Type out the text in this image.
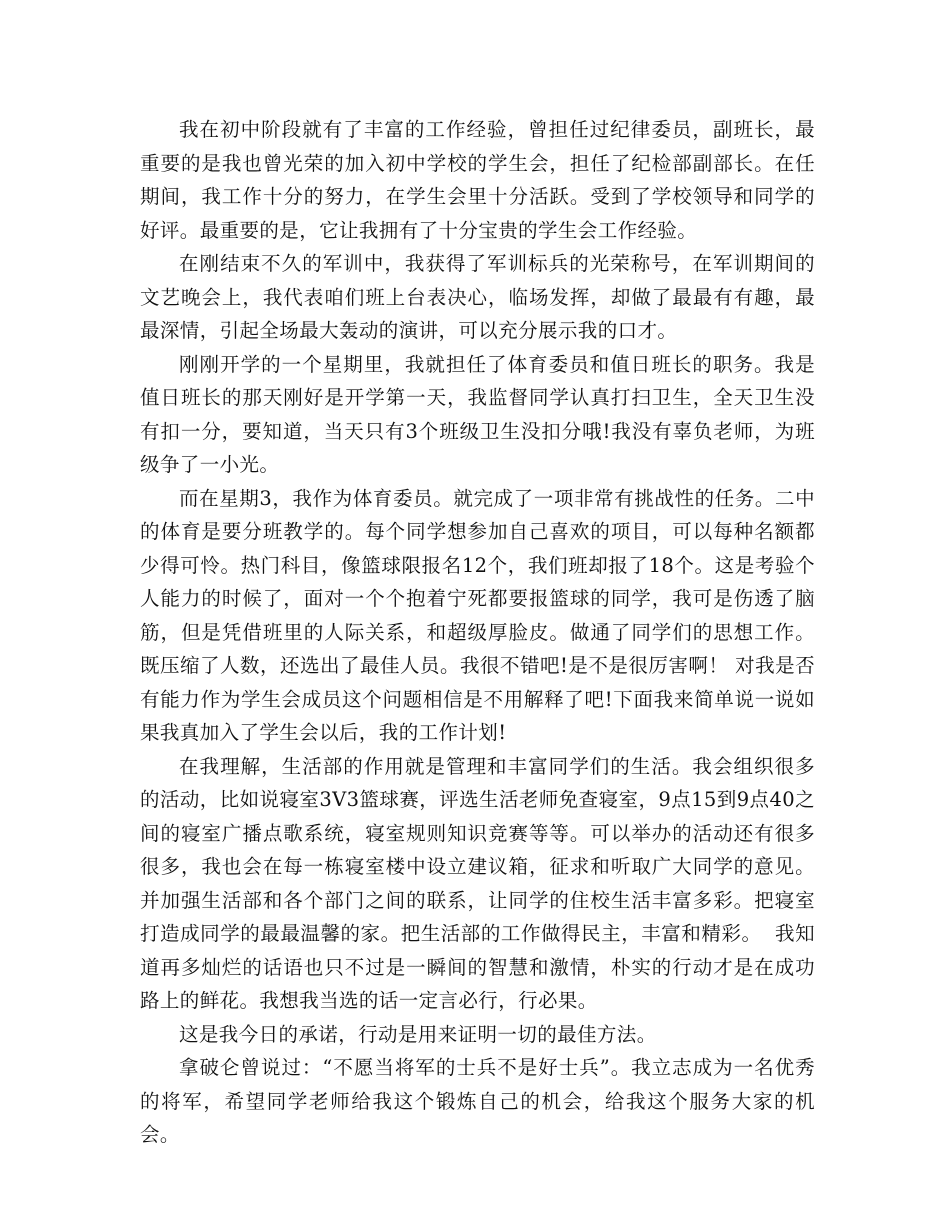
我在初中阶段就有了丰富的工作经验，曾担任过纪律委员，副班长，最重要的是我也曾光荣的加入初中学校的学生会，担任了纪检部副部长。在任期间，我工作十分的努力，在学生会里十分活跃。受到了学校领导和同学的好评。最重要的是，它让我拥有了十分宝贵的学生会工作经验。

在刚结束不久的军训中，我获得了军训标兵的光荣称号，在军训期间的文艺晚会上，我代表咱们班上台表决心，临场发挥，却做了最最有有趣，最最深情，引起全场最大轰动的演讲，可以充分展示我的口才。

刚刚开学的一个星期里，我就担任了体育委员和值日班长的职务。我是值日班长的那天刚好是开学第一天，我监督同学认真打扫卫生，全天卫生没有扣一分，要知道，当天只有3个班级卫生没扣分哦!我没有辜负老师，为班级争了一小光。

而在星期3，我作为体育委员。就完成了一项非常有挑战性的任务。二中的体育是要分班教学的。每个同学想参加自己喜欢的项目，可以每种名额都少得可怜。热门科目，像篮球限报名12个，我们班却报了18个。这是考验个人能力的时候了，面对一个个抱着宁死都要报篮球的同学，我可是伤透了脑筋，但是凭借班里的人际关系，和超级厚脸皮。做通了同学们的思想工作。既压缩了人数，还选出了最佳人员。我很不错吧!是不是很厉害啊！ 对我是否有能力作为学生会成员这个问题相信是不用解释了吧!下面我来简单说一说如果我真加入了学生会以后，我的工作计划!

在我理解，生活部的作用就是管理和丰富同学们的生活。我会组织很多的活动，比如说寝室3V3篮球赛，评选生活老师免查寝室，9点15到9点40之间的寝室广播点歌系统，寝室规则知识竞赛等等。可以举办的活动还有很多很多，我也会在每一栋寝室楼中设立建议箱，征求和听取广大同学的意见。并加强生活部和各个部门之间的联系，让同学的住校生活丰富多彩。把寝室打造成同学的最最温馨的家。把生活部的工作做得民主，丰富和精彩。  我知道再多灿烂的话语也只不过是一瞬间的智慧和激情，朴实的行动才是在成功路上的鲜花。我想我当选的话一定言必行，行必果。

这是我今日的承诺，行动是用来证明一切的最佳方法。

拿破仑曾说过：“不愿当将军的士兵不是好士兵”。我立志成为一名优秀的将军，希望同学老师给我这个锻炼自己的机会，给我这个服务大家的机会。
